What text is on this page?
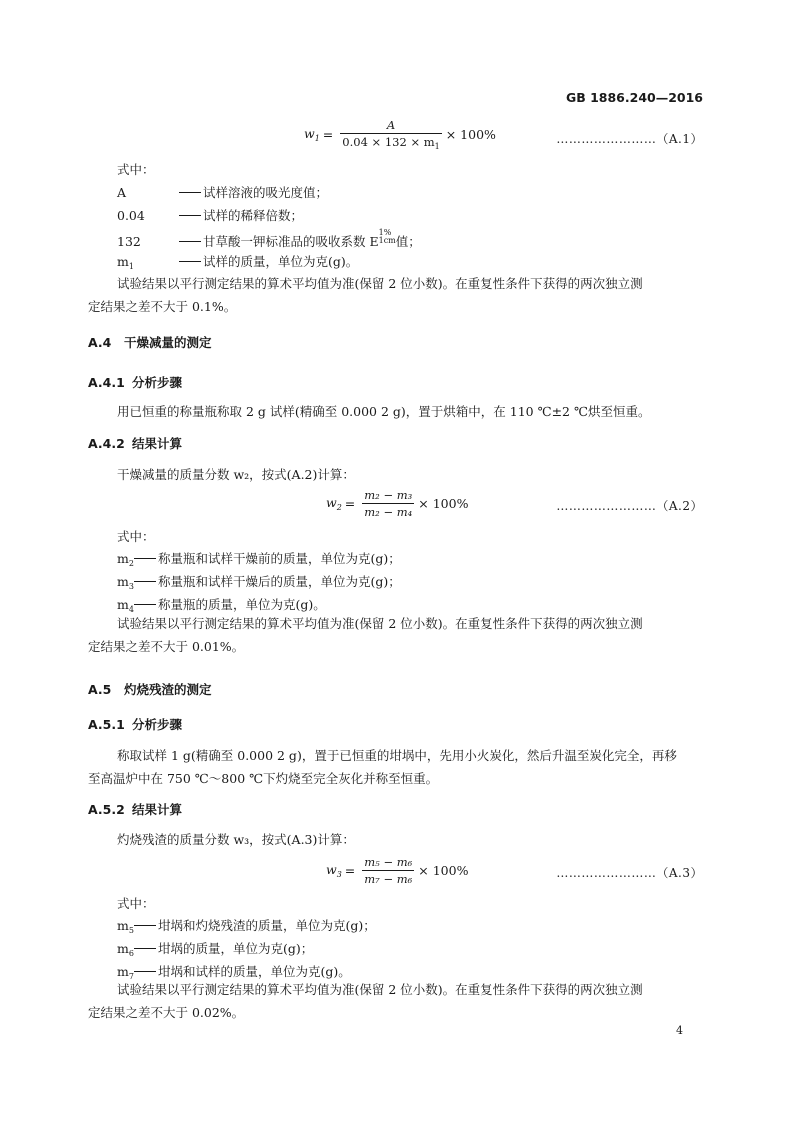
GB 1886.240—2016
$w_1 = \frac{A}{0.04 \times 132 \times m_1} \times 100\%$	……………………（A.1）
式中：
A	试样溶液的吸光度值；
0.04	试样的稀释倍数；
132	甘草酸一钾标准品的吸收系数 E1%
1cm值；
$m_1$	试样的质量，单位为克(g)。
试验结果以平行测定结果的算术平均值为准(保留 2 位小数)。在重复性条件下获得的两次独立测
定结果之差不大于 0.1%。
A.4 干燥减量的测定
A.4.1 分析步骤
用已恒重的称量瓶称取 2 g 试样(精确至 0.000 2 g)，置于烘箱中，在 110 ℃±2 ℃烘至恒重。
A.4.2 结果计算
干燥减量的质量分数 w₂，按式(A.2)计算：
$w_2 = \frac{\text{m₂ − m₃}}{\text{m₂ − m₄}} \times 100\%$	……………………（A.2）
式中：
$m_2$ 称量瓶和试样干燥前的质量，单位为克(g)；
$m_3$ 称量瓶和试样干燥后的质量，单位为克(g)；
$m_4$ 称量瓶的质量，单位为克(g)。
试验结果以平行测定结果的算术平均值为准(保留 2 位小数)。在重复性条件下获得的两次独立测
定结果之差不大于 0.01%。
A.5 灼烧残渣的测定
A.5.1 分析步骤
称取试样 1 g(精确至 0.000 2 g)，置于已恒重的坩埚中，先用小火炭化，然后升温至炭化完全，再移
至高温炉中在 750 ℃～800 ℃下灼烧至完全灰化并称至恒重。
A.5.2 结果计算
灼烧残渣的质量分数 w₃，按式(A.3)计算：
$w_3 = \frac{\text{m₅ − m₆}}{\text{m₇ − m₆}} \times 100\%$	……………………（A.3）
式中：
$m_5$ 坩埚和灼烧残渣的质量，单位为克(g)；
$m_6$ 坩埚的质量，单位为克(g)；
$m_7$ 坩埚和试样的质量，单位为克(g)。
试验结果以平行测定结果的算术平均值为准(保留 2 位小数)。在重复性条件下获得的两次独立测
定结果之差不大于 0.02%。
4
